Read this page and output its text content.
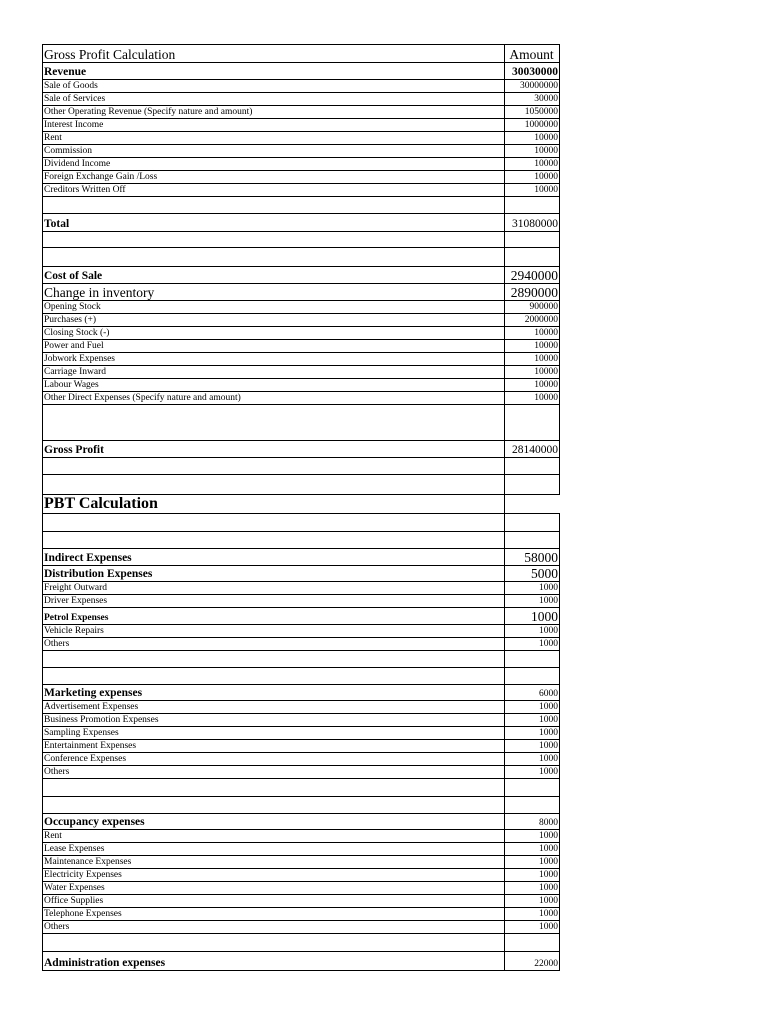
Gross Profit Calculation	Amount
Revenue	30030000
Sale of Goods	30000000
Sale of Services	30000
Other Operating Revenue (Specify nature and amount)	1050000
Interest Income	1000000
Rent	10000
Commission	10000
Dividend Income	10000
Foreign Exchange Gain /Loss	10000
Creditors Written Off	10000
Total	31080000
Cost of Sale	2940000
Change in inventory	2890000
Opening Stock	900000
Purchases (+)	2000000
Closing Stock (-)	10000
Power and Fuel	10000
Jobwork Expenses	10000
Carriage Inward	10000
Labour Wages	10000
Other Direct Expenses (Specify nature and amount)	10000
Gross Profit	28140000
PBT Calculation
Indirect Expenses	58000
Distribution Expenses	5000
Freight Outward	1000
Driver Expenses	1000
Petrol Expenses	1000
Vehicle Repairs	1000
Others	1000
Marketing expenses	6000
Advertisement Expenses	1000
Business Promotion Expenses	1000
Sampling Expenses	1000
Entertainment Expenses	1000
Conference Expenses	1000
Others	1000
Occupancy expenses	8000
Rent	1000
Lease Expenses	1000
Maintenance Expenses	1000
Electricity Expenses	1000
Water Expenses	1000
Office Supplies	1000
Telephone Expenses	1000
Others	1000
Administration expenses	22000
